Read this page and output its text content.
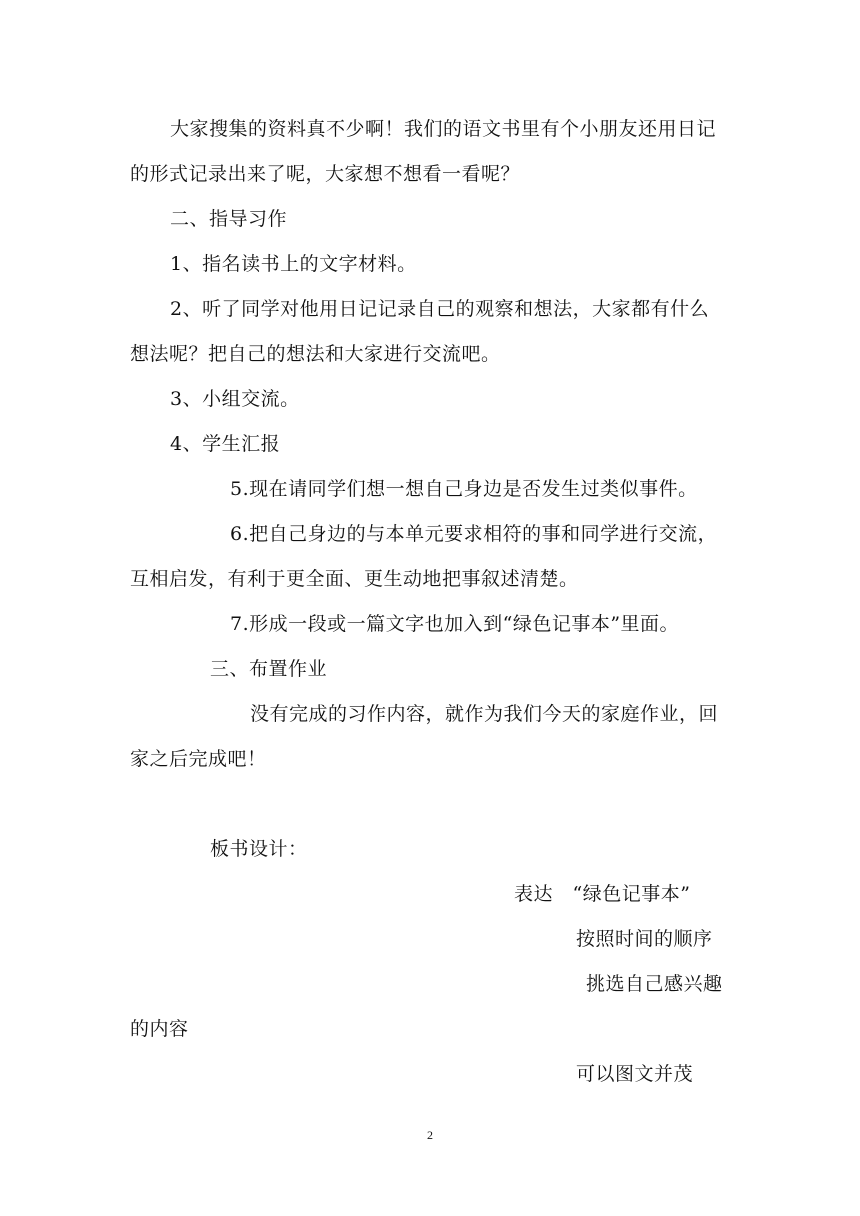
大家搜集的资料真不少啊！我们的语文书里有个小朋友还用日记
的形式记录出来了呢，大家想不想看一看呢？
二、指导习作
1、指名读书上的文字材料。
2、听了同学对他用日记记录自己的观察和想法，大家都有什么
想法呢？把自己的想法和大家进行交流吧。
3、小组交流。
4、学生汇报
5.现在请同学们想一想自己身边是否发生过类似事件。
6.把自己身边的与本单元要求相符的事和同学进行交流，
互相启发，有利于更全面、更生动地把事叙述清楚。
7.形成一段或一篇文字也加入到“绿色记事本”里面。
三、布置作业
没有完成的习作内容，就作为我们今天的家庭作业，回
家之后完成吧！
板书设计：
表达　“绿色记事本”
按照时间的顺序
挑选自己感兴趣
的内容
可以图文并茂
2
